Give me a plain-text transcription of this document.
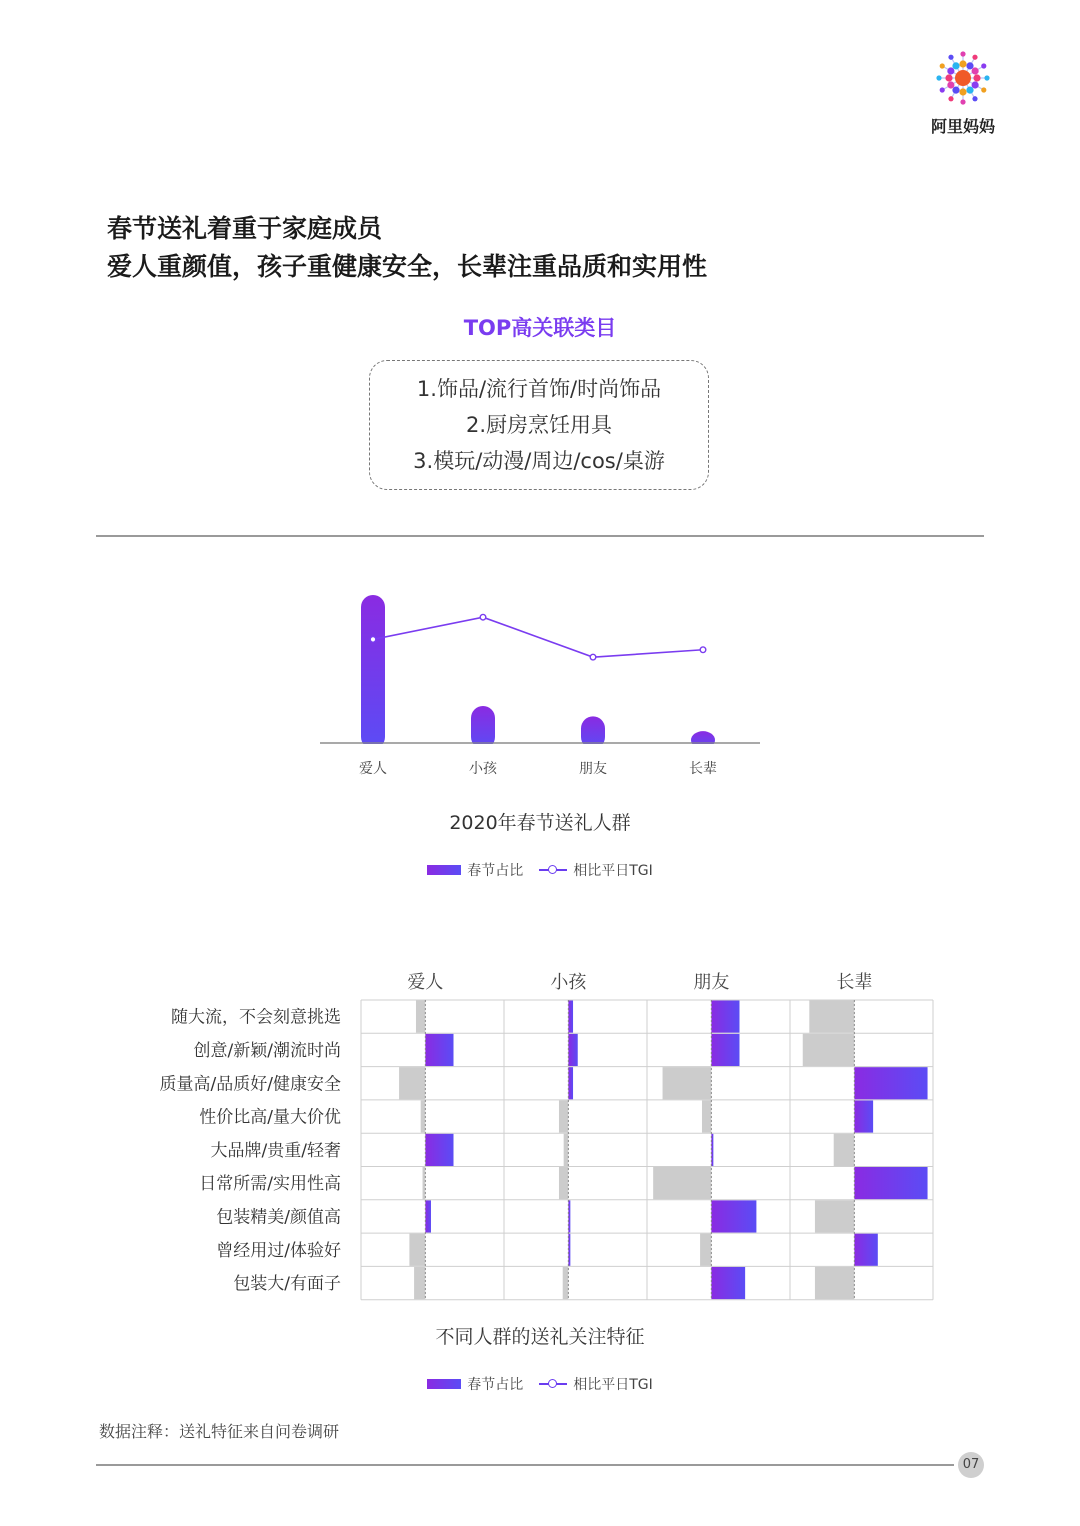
阿里妈妈
春节送礼着重于家庭成员
爱人重颜值，孩子重健康安全，长辈注重品质和实用性
TOP高关联类目
1.饰品/流行首饰/时尚饰品
2.厨房烹饪用具
3.模玩/动漫/周边/cos/桌游
爱人	小孩	朋友	长辈
2020年春节送礼人群
春节占比	相比平日TGI
爱人	小孩	朋友	长辈
随大流，不会刻意挑选
创意/新颖/潮流时尚
质量高/品质好/健康安全
性价比高/量大价优
大品牌/贵重/轻奢
日常所需/实用性高
包装精美/颜值高
曾经用过/体验好
包装大/有面子
不同人群的送礼关注特征
春节占比	相比平日TGI
数据注释：送礼特征来自问卷调研
07
